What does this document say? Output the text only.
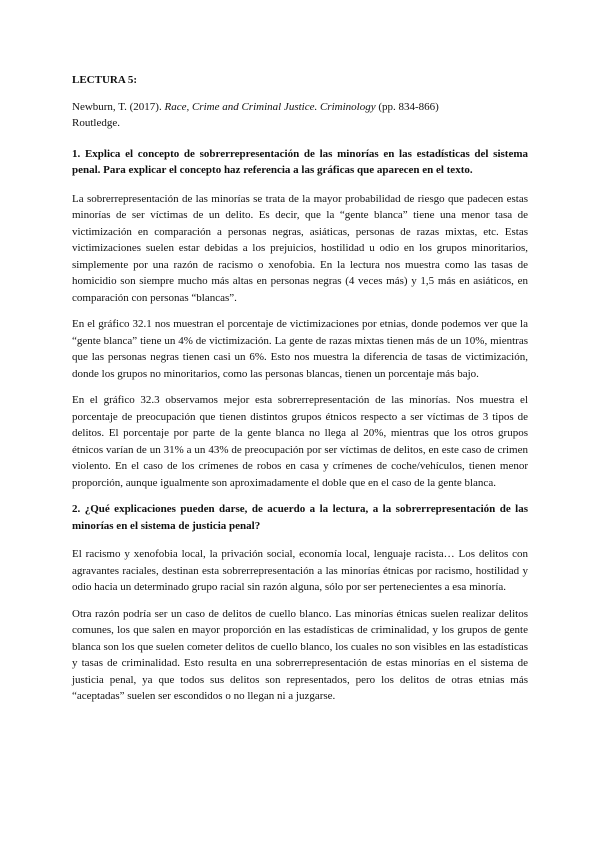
LECTURA 5:
Newburn, T. (2017). Race, Crime and Criminal Justice. Criminology (pp. 834-866)
Routledge.
1. Explica el concepto de sobrerrepresentación de las minorías en las estadísticas del sistema penal. Para explicar el concepto haz referencia a las gráficas que aparecen en el texto.

La sobrerrepresentación de las minorías se trata de la mayor probabilidad de riesgo que padecen estas minorías de ser víctimas de un delito. Es decir, que la “gente blanca” tiene una menor tasa de victimización en comparación a personas negras, asiáticas, personas de razas mixtas, etc. Estas victimizaciones suelen estar debidas a los prejuicios, hostilidad u odio en los grupos minoritarios, simplemente por una razón de racismo o xenofobia. En la lectura nos muestra como las tasas de homicidio son siempre mucho más altas en personas negras (4 veces más) y 1,5 más en asiáticos, en comparación con personas “blancas”.

En el gráfico 32.1 nos muestran el porcentaje de victimizaciones por etnias, donde podemos ver que la “gente blanca” tiene un 4% de victimización. La gente de razas mixtas tienen más de un 10%, mientras que las personas negras tienen casi un 6%. Esto nos muestra la diferencia de tasas de victimización, donde los grupos no minoritarios, como las personas blancas, tienen un porcentaje más bajo.

En el gráfico 32.3 observamos mejor esta sobrerrepresentación de las minorías. Nos muestra el porcentaje de preocupación que tienen distintos grupos étnicos respecto a ser víctimas de 3 tipos de delitos. El porcentaje por parte de la gente blanca no llega al 20%, mientras que los otros grupos étnicos varían de un 31% a un 43% de preocupación por ser víctimas de delitos, en este caso de crimen violento. En el caso de los crímenes de robos en casa y crímenes de coche/vehículos, tienen menor proporción, aunque igualmente son aproximadamente el doble que en el caso de la gente blanca.

2. ¿Qué explicaciones pueden darse, de acuerdo a la lectura, a la sobrerrepresentación de las minorías en el sistema de justicia penal?

El racismo y xenofobia local, la privación social, economía local, lenguaje racista… Los delitos con agravantes raciales, destinan esta sobrerrepresentación a las minorías étnicas por racismo, hostilidad y odio hacia un determinado grupo racial sin razón alguna, sólo por ser pertenecientes a esa minoría.

Otra razón podría ser un caso de delitos de cuello blanco. Las minorías étnicas suelen realizar delitos comunes, los que salen en mayor proporción en las estadísticas de criminalidad, y los grupos de gente blanca son los que suelen cometer delitos de cuello blanco, los cuales no son visibles en las estadísticas y tasas de criminalidad. Esto resulta en una sobrerrepresentación de estas minorías en el sistema de justicia penal, ya que todos sus delitos son representados, pero los delitos de otras etnias más “aceptadas” suelen ser escondidos o no llegan ni a juzgarse.
